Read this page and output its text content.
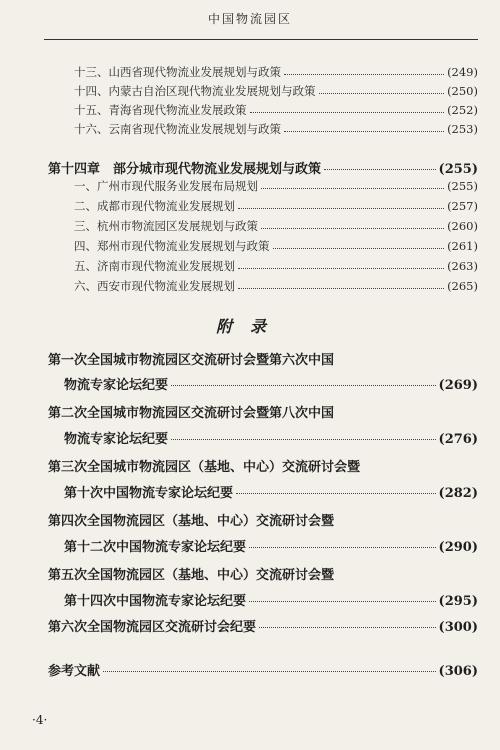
中国物流园区
十三、山西省现代物流业发展规划与政策	(249)
十四、内蒙古自治区现代物流业发展规划与政策	(250)
十五、青海省现代物流业发展政策	(252)
十六、云南省现代物流业发展规划与政策	(253)
第十四章　部分城市现代物流业发展规划与政策	(255)
一、广州市现代服务业发展布局规划	(255)
二、成都市现代物流业发展规划	(257)
三、杭州市物流园区发展规划与政策	(260)
四、郑州市现代物流业发展规划与政策	(261)
五、济南市现代物流业发展规划	(263)
六、西安市现代物流业发展规划	(265)
附录
第一次全国城市物流园区交流研讨会暨第六次中国
物流专家论坛纪要	(269)
第二次全国城市物流园区交流研讨会暨第八次中国
物流专家论坛纪要	(276)
第三次全国城市物流园区（基地、中心）交流研讨会暨
第十次中国物流专家论坛纪要	(282)
第四次全国物流园区（基地、中心）交流研讨会暨
第十二次中国物流专家论坛纪要	(290)
第五次全国物流园区（基地、中心）交流研讨会暨
第十四次中国物流专家论坛纪要	(295)
第六次全国物流园区交流研讨会纪要	(300)
参考文献	(306)
·4·
